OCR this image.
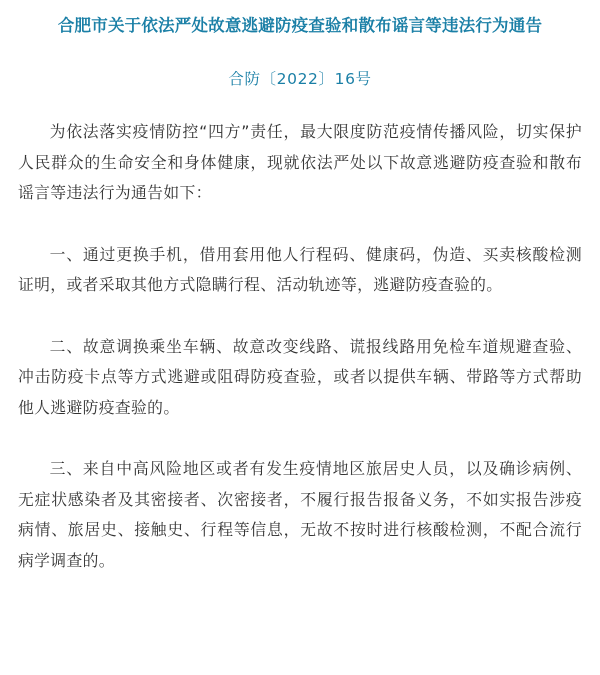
合肥市关于依法严处故意逃避防疫查验和散布谣言等违法行为通告

合防〔2022〕16号

为依法落实疫情防控“四方”责任，最大限度防范疫情传播风险，切实保护人民群众的生命安全和身体健康，现就依法严处以下故意逃避防疫查验和散布谣言等违法行为通告如下：

一、通过更换手机，借用套用他人行程码、健康码，伪造、买卖核酸检测证明，或者采取其他方式隐瞒行程、活动轨迹等，逃避防疫查验的。

二、故意调换乘坐车辆、故意改变线路、谎报线路用免检车道规避查验、冲击防疫卡点等方式逃避或阻碍防疫查验，或者以提供车辆、带路等方式帮助他人逃避防疫查验的。

三、来自中高风险地区或者有发生疫情地区旅居史人员，以及确诊病例、无症状感染者及其密接者、次密接者，不履行报告报备义务，不如实报告涉疫病情、旅居史、接触史、行程等信息，无故不按时进行核酸检测，不配合流行病学调查的。
